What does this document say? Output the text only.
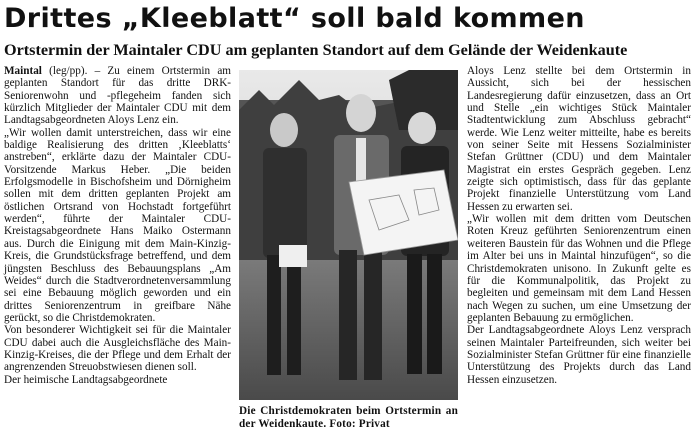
Drittes „Kleeblatt“ soll bald kommen
Ortstermin der Maintaler CDU am geplanten Standort auf dem Gelände der Weidenkaute

Maintal (leg/pp). – Zu einem Ortstermin am geplanten Standort für das dritte DRK-Seniorenwohn und -pflegeheim fanden sich kürzlich Mitglieder der Maintaler CDU mit dem Landtagsabgeordneten Aloys Lenz ein.

„Wir wollen damit unterstreichen, dass wir eine baldige Realisierung des dritten ‚Kleeblatts‘ anstreben“, erklärte dazu der Maintaler CDU-Vorsitzende Markus Heber. „Die beiden Erfolgsmodelle in Bischofsheim und Dörnigheim sollen mit dem dritten geplanten Projekt am östlichen Ortsrand von Hochstadt fortgeführt werden“, führte der Maintaler CDU-Kreistagsabgeordnete Hans Maiko Ostermann aus. Durch die Einigung mit dem Main-Kinzig-Kreis, die Grundstücksfrage betreffend, und dem jüngsten Beschluss des Bebauungsplans „Am Weides“ durch die Stadtverordnetenversammlung sei eine Bebauung möglich geworden und ein drittes Seniorenzentrum in greifbare Nähe gerückt, so die Christdemokraten.

Von besonderer Wichtigkeit sei für die Maintaler CDU dabei auch die Ausgleichsfläche des Main-Kinzig-Kreises, die der Pflege und dem Erhalt der angrenzenden Streuobstwiesen dienen soll.

Der heimische Landtagsabgeordnete

Die Christdemokraten beim Ortstermin an der Weidenkaute. Foto: Privat

Aloys Lenz stellte bei dem Ortstermin in Aussicht, sich bei der hessischen Landesregierung dafür einzusetzen, dass an Ort und Stelle „ein wichtiges Stück Maintaler Stadtentwicklung zum Abschluss gebracht“ werde. Wie Lenz weiter mitteilte, habe es bereits von seiner Seite mit Hessens Sozialminister Stefan Grüttner (CDU) und dem Maintaler Magistrat ein erstes Gespräch gegeben. Lenz zeigte sich optimistisch, dass für das geplante Projekt finanzielle Unterstützung vom Land Hessen zu erwarten sei.

„Wir wollen mit dem dritten vom Deutschen Roten Kreuz geführten Seniorenzentrum einen weiteren Baustein für das Wohnen und die Pflege im Alter bei uns in Maintal hinzufügen“, so die Christdemokraten unisono. In Zukunft gelte es für die Kommunalpolitik, das Projekt zu begleiten und gemeinsam mit dem Land Hessen nach Wegen zu suchen, um eine Umsetzung der geplanten Bebauung zu ermöglichen.

Der Landtagsabgeordnete Aloys Lenz versprach seinen Maintaler Parteifreunden, sich weiter bei Sozialminister Stefan Grüttner für eine finanzielle Unterstützung des Projekts durch das Land Hessen einzusetzen.
